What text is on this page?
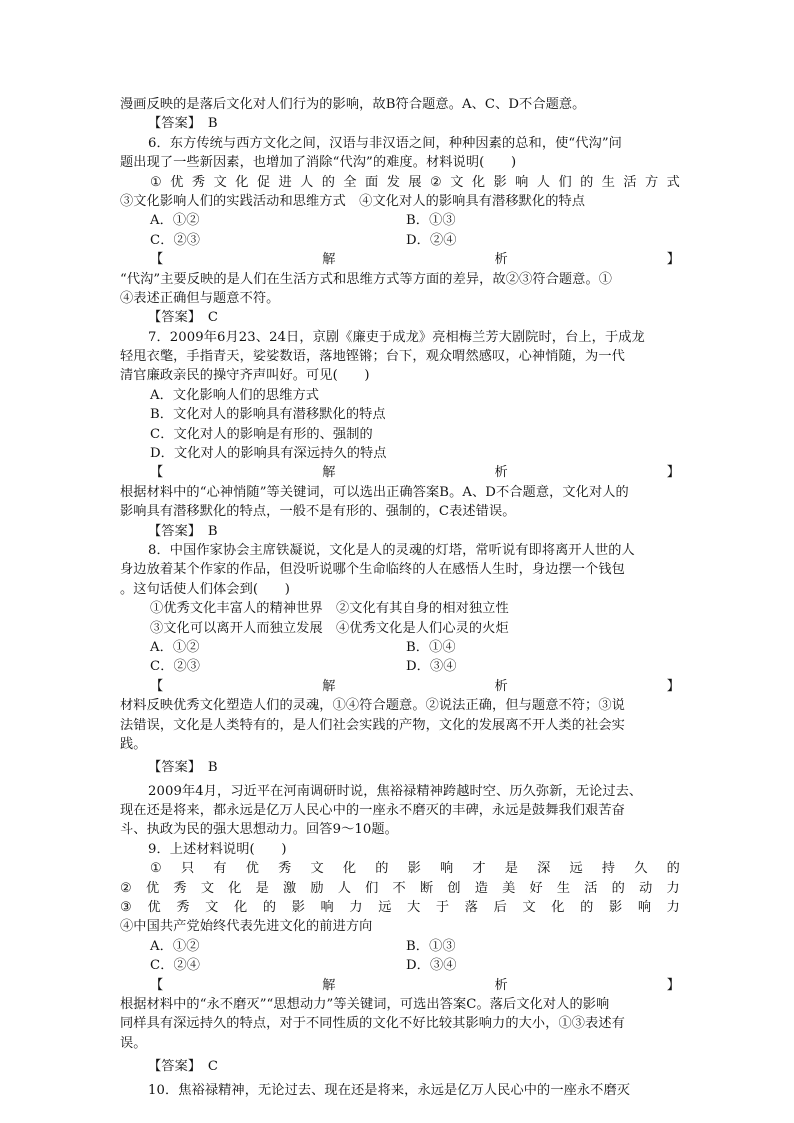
漫画反映的是落后文化对人们行为的影响，故B符合题意。A、C、D不合题意。
【答案】　B
6．东方传统与西方文化之间，汉语与非汉语之间，种种因素的总和，使“代沟”问
题出现了一些新因素，也增加了消除“代沟”的难度。材料说明(　　)
① 优 秀 文 化 促 进 人 的 全 面 发 展 ② 文 化 影 响 人 们 的 生 活 方 式
③文化影响人们的实践活动和思维方式　④文化对人的影响具有潜移默化的特点
A．①②	B．①③
C．②③	D．②④
【	解	析	】
“代沟”主要反映的是人们在生活方式和思维方式等方面的差异，故②③符合题意。①
④表述正确但与题意不符。
【答案】　C
7．2009年6月23、24日，京剧《廉吏于成龙》亮相梅兰芳大剧院时，台上，于成龙
轻甩衣氅，手指青天，娑娑数语，落地铿锵；台下，观众喟然感叹，心神悄随，为一代
清官廉政亲民的操守齐声叫好。可见(　　)
A．文化影响人们的思维方式
B．文化对人的影响具有潜移默化的特点
C．文化对人的影响是有形的、强制的
D．文化对人的影响具有深远持久的特点
【	解	析	】
根据材料中的“心神悄随”等关键词，可以选出正确答案B。A、D不合题意，文化对人的
影响具有潜移默化的特点，一般不是有形的、强制的，C表述错误。
【答案】　B
8．中国作家协会主席铁凝说，文化是人的灵魂的灯塔，常听说有即将离开人世的人
身边放着某个作家的作品，但没听说哪个生命临终的人在感悟人生时，身边摆一个钱包
。这句话使人们体会到(　　)
①优秀文化丰富人的精神世界　②文化有其自身的相对独立性
③文化可以离开人而独立发展　④优秀文化是人们心灵的火炬
A．①②	B．①④
C．②③	D．③④
【	解	析	】
材料反映优秀文化塑造人们的灵魂，①④符合题意。②说法正确，但与题意不符；③说
法错误，文化是人类特有的，是人们社会实践的产物，文化的发展离不开人类的社会实
践。
【答案】　B
2009年4月，习近平在河南调研时说，焦裕禄精神跨越时空、历久弥新，无论过去、
现在还是将来，都永远是亿万人民心中的一座永不磨灭的丰碑，永远是鼓舞我们艰苦奋
斗、执政为民的强大思想动力。回答9～10题。
9．上述材料说明(　　)
① 只 有 优 秀 文 化 的 影 响 才 是 深 远 持 久 的
② 优 秀 文 化 是 激 励 人 们 不 断 创 造 美 好 生 活 的 动 力
③ 优 秀 文 化 的 影 响 力 远 大 于 落 后 文 化 的 影 响 力
④中国共产党始终代表先进文化的前进方向
A．①②	B．①③
C．②④	D．③④
【	解	析	】
根据材料中的“永不磨灭”“思想动力”等关键词，可选出答案C。落后文化对人的影响
同样具有深远持久的特点，对于不同性质的文化不好比较其影响力的大小，①③表述有
误。
【答案】　C
10．焦裕禄精神，无论过去、现在还是将来，永远是亿万人民心中的一座永不磨灭
